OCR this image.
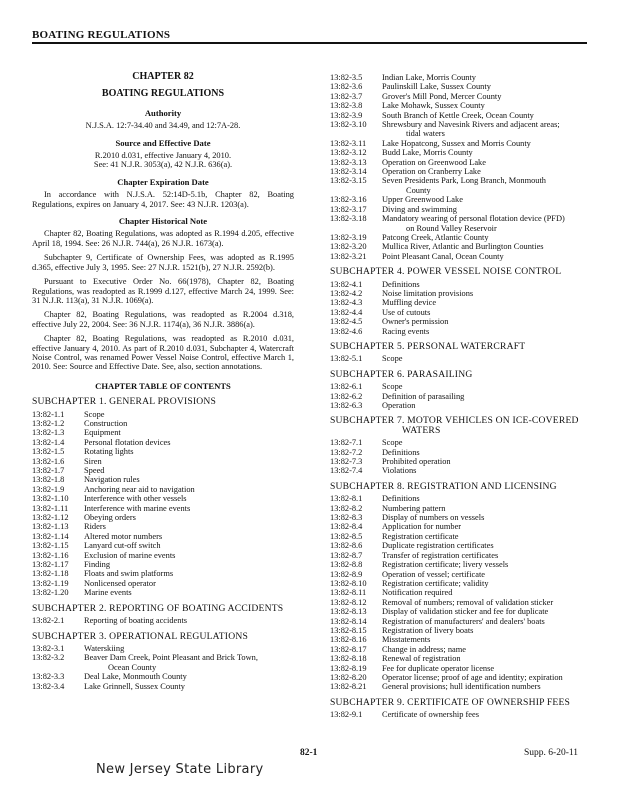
BOATING REGULATIONS
CHAPTER 82
BOATING REGULATIONS
Authority

N.J.S.A. 12:7-34.40 and 34.49, and 12:7A-28.

Source and Effective Date

R.2010 d.031, effective January 4, 2010.

See: 41 N.J.R. 3053(a), 42 N.J.R. 636(a).

Chapter Expiration Date

In accordance with N.J.S.A. 52:14D-5.1b, Chapter 82, Boating Regulations, expires on January 4, 2017. See: 43 N.J.R. 1203(a).

Chapter Historical Note

Chapter 82, Boating Regulations, was adopted as R.1994 d.205, effective April 18, 1994. See: 26 N.J.R. 744(a), 26 N.J.R. 1673(a).

Subchapter 9, Certificate of Ownership Fees, was adopted as R.1995 d.365, effective July 3, 1995. See: 27 N.J.R. 1521(b), 27 N.J.R. 2592(b).

Pursuant to Executive Order No. 66(1978), Chapter 82, Boating Regulations, was readopted as R.1999 d.127, effective March 24, 1999. See: 31 N.J.R. 113(a), 31 N.J.R. 1069(a).

Chapter 82, Boating Regulations, was readopted as R.2004 d.318, effective July 22, 2004. See: 36 N.J.R. 1174(a), 36 N.J.R. 3886(a).

Chapter 82, Boating Regulations, was readopted as R.2010 d.031, effective January 4, 2010. As part of R.2010 d.031, Subchapter 4, Watercraft Noise Control, was renamed Power Vessel Noise Control, effective March 1, 2010. See: Source and Effective Date. See, also, section annotations.

CHAPTER TABLE OF CONTENTS
SUBCHAPTER 1. GENERAL PROVISIONS
13:82-1.1	Scope
13:82-1.2	Construction
13:82-1.3	Equipment
13:82-1.4	Personal flotation devices
13:82-1.5	Rotating lights
13:82-1.6	Siren
13:82-1.7	Speed
13:82-1.8	Navigation rules
13:82-1.9	Anchoring near aid to navigation
13:82-1.10	Interference with other vessels
13:82-1.11	Interference with marine events
13:82-1.12	Obeying orders
13:82-1.13	Riders
13:82-1.14	Altered motor numbers
13:82-1.15	Lanyard cut-off switch
13:82-1.16	Exclusion of marine events
13:82-1.17	Finding
13:82-1.18	Floats and swim platforms
13:82-1.19	Nonlicensed operator
13:82-1.20	Marine events
SUBCHAPTER 2. REPORTING OF BOATING ACCIDENTS
13:82-2.1	Reporting of boating accidents
SUBCHAPTER 3. OPERATIONAL REGULATIONS
13:82-3.1	Waterskiing
13:82-3.2	Beaver Dam Creek, Point Pleasant and Brick Town,
Ocean County
13:82-3.3	Deal Lake, Monmouth County
13:82-3.4	Lake Grinnell, Sussex County
13:82-3.5	Indian Lake, Morris County
13:82-3.6	Paulinskill Lake, Sussex County
13:82-3.7	Grover's Mill Pond, Mercer County
13:82-3.8	Lake Mohawk, Sussex County
13:82-3.9	South Branch of Kettle Creek, Ocean County
13:82-3.10	Shrewsbury and Navesink Rivers and adjacent areas;
tidal waters
13:82-3.11	Lake Hopatcong, Sussex and Morris County
13:82-3.12	Budd Lake, Morris County
13:82-3.13	Operation on Greenwood Lake
13:82-3.14	Operation on Cranberry Lake
13:82-3.15	Seven Presidents Park, Long Branch, Monmouth
County
13:82-3.16	Upper Greenwood Lake
13:82-3.17	Diving and swimming
13:82-3.18	Mandatory wearing of personal flotation device (PFD)
on Round Valley Reservoir
13:82-3.19	Patcong Creek, Atlantic County
13:82-3.20	Mullica River, Atlantic and Burlington Counties
13:82-3.21	Point Pleasant Canal, Ocean County
SUBCHAPTER 4. POWER VESSEL NOISE CONTROL
13:82-4.1	Definitions
13:82-4.2	Noise limitation provisions
13:82-4.3	Muffling device
13:82-4.4	Use of cutouts
13:82-4.5	Owner's permission
13:82-4.6	Racing events
SUBCHAPTER 5. PERSONAL WATERCRAFT
13:82-5.1	Scope
SUBCHAPTER 6. PARASAILING
13:82-6.1	Scope
13:82-6.2	Definition of parasailing
13:82-6.3	Operation
SUBCHAPTER 7. MOTOR VEHICLES ON ICE-COVERED
WATERS
13:82-7.1	Scope
13:82-7.2	Definitions
13:82-7.3	Prohibited operation
13:82-7.4	Violations
SUBCHAPTER 8. REGISTRATION AND LICENSING
13:82-8.1	Definitions
13:82-8.2	Numbering pattern
13:82-8.3	Display of numbers on vessels
13:82-8.4	Application for number
13:82-8.5	Registration certificate
13:82-8.6	Duplicate registration certificates
13:82-8.7	Transfer of registration certificates
13:82-8.8	Registration certificate; livery vessels
13:82-8.9	Operation of vessel; certificate
13:82-8.10	Registration certificate; validity
13:82-8.11	Notification required
13:82-8.12	Removal of numbers; removal of validation sticker
13:82-8.13	Display of validation sticker and fee for duplicate
13:82-8.14	Registration of manufacturers' and dealers' boats
13:82-8.15	Registration of livery boats
13:82-8.16	Misstatements
13:82-8.17	Change in address; name
13:82-8.18	Renewal of registration
13:82-8.19	Fee for duplicate operator license
13:82-8.20	Operator license; proof of age and identity; expiration
13:82-8.21	General provisions; hull identification numbers
SUBCHAPTER 9. CERTIFICATE OF OWNERSHIP FEES
13:82-9.1	Certificate of ownership fees
82-1	Supp. 6-20-11
New Jersey State Library
